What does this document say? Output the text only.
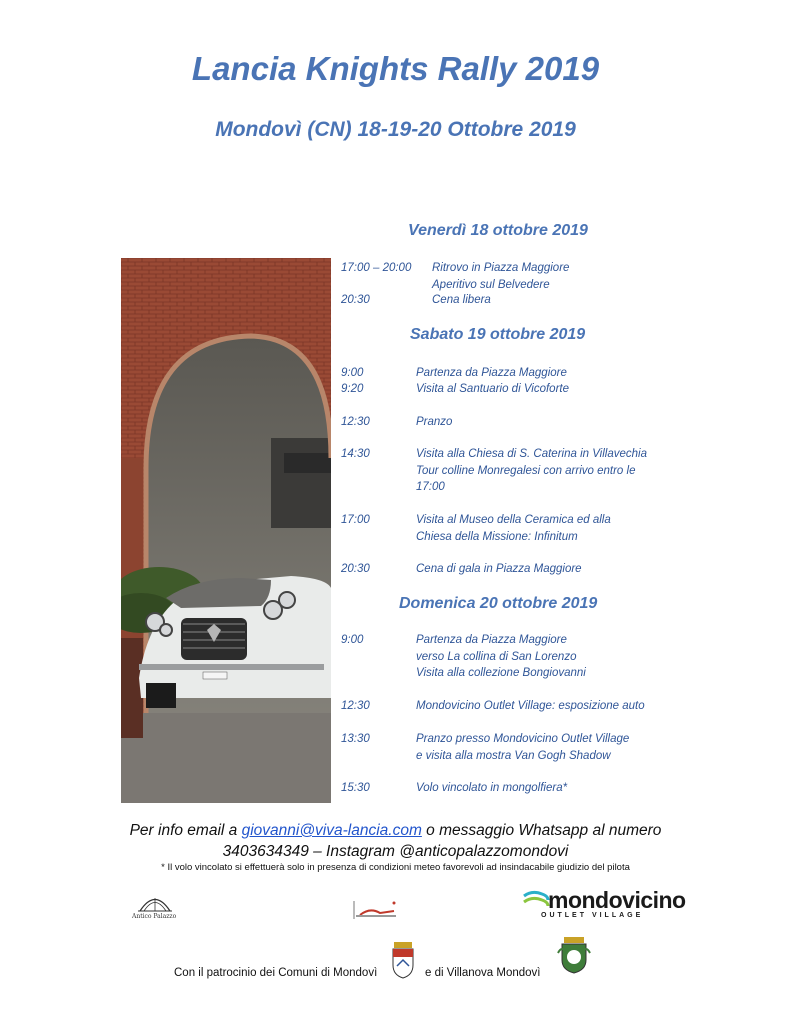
Lancia Knights Rally 2019
Mondovì (CN) 18-19-20 Ottobre 2019
Venerdì 18 ottobre 2019
17:00 – 20:00 Ritrovo in Piazza Maggiore
Aperitivo sul Belvedere
20:30	Cena libera
Sabato 19 ottobre 2019
9:00	Partenza da Piazza Maggiore
9:20	Visita al Santuario di Vicoforte
12:30	Pranzo
14:30	Visita alla Chiesa di S. Caterina in Villavechia
Tour colline Monregalesi con arrivo entro le
17:00
17:00	Visita al Museo della Ceramica ed alla
Chiesa della Missione: Infinitum
20:30	Cena di gala in Piazza Maggiore
Domenica 20 ottobre 2019
9:00	Partenza da Piazza Maggiore
verso La collina di San Lorenzo
Visita alla collezione Bongiovanni
12:30	Mondovicino Outlet Village: esposizione auto
13:30	Pranzo presso Mondovicino Outlet Village
e visita alla mostra Van Gogh Shadow
15:30	Volo vincolato in mongolfiera*
Per info email a giovanni@viva-lancia.com o messaggio Whatsapp al numero
3403634349 – Instagram @anticopalazzomondovi
* Il volo vincolato si effettuerà solo in presenza di condizioni meteo favorevoli ad insindacabile giudizio del pilota
Antico Palazzo
mondovicino
OUTLET VILLAGE
Con il patrocinio dei Comuni di Mondovì	e di Villanova Mondovì
